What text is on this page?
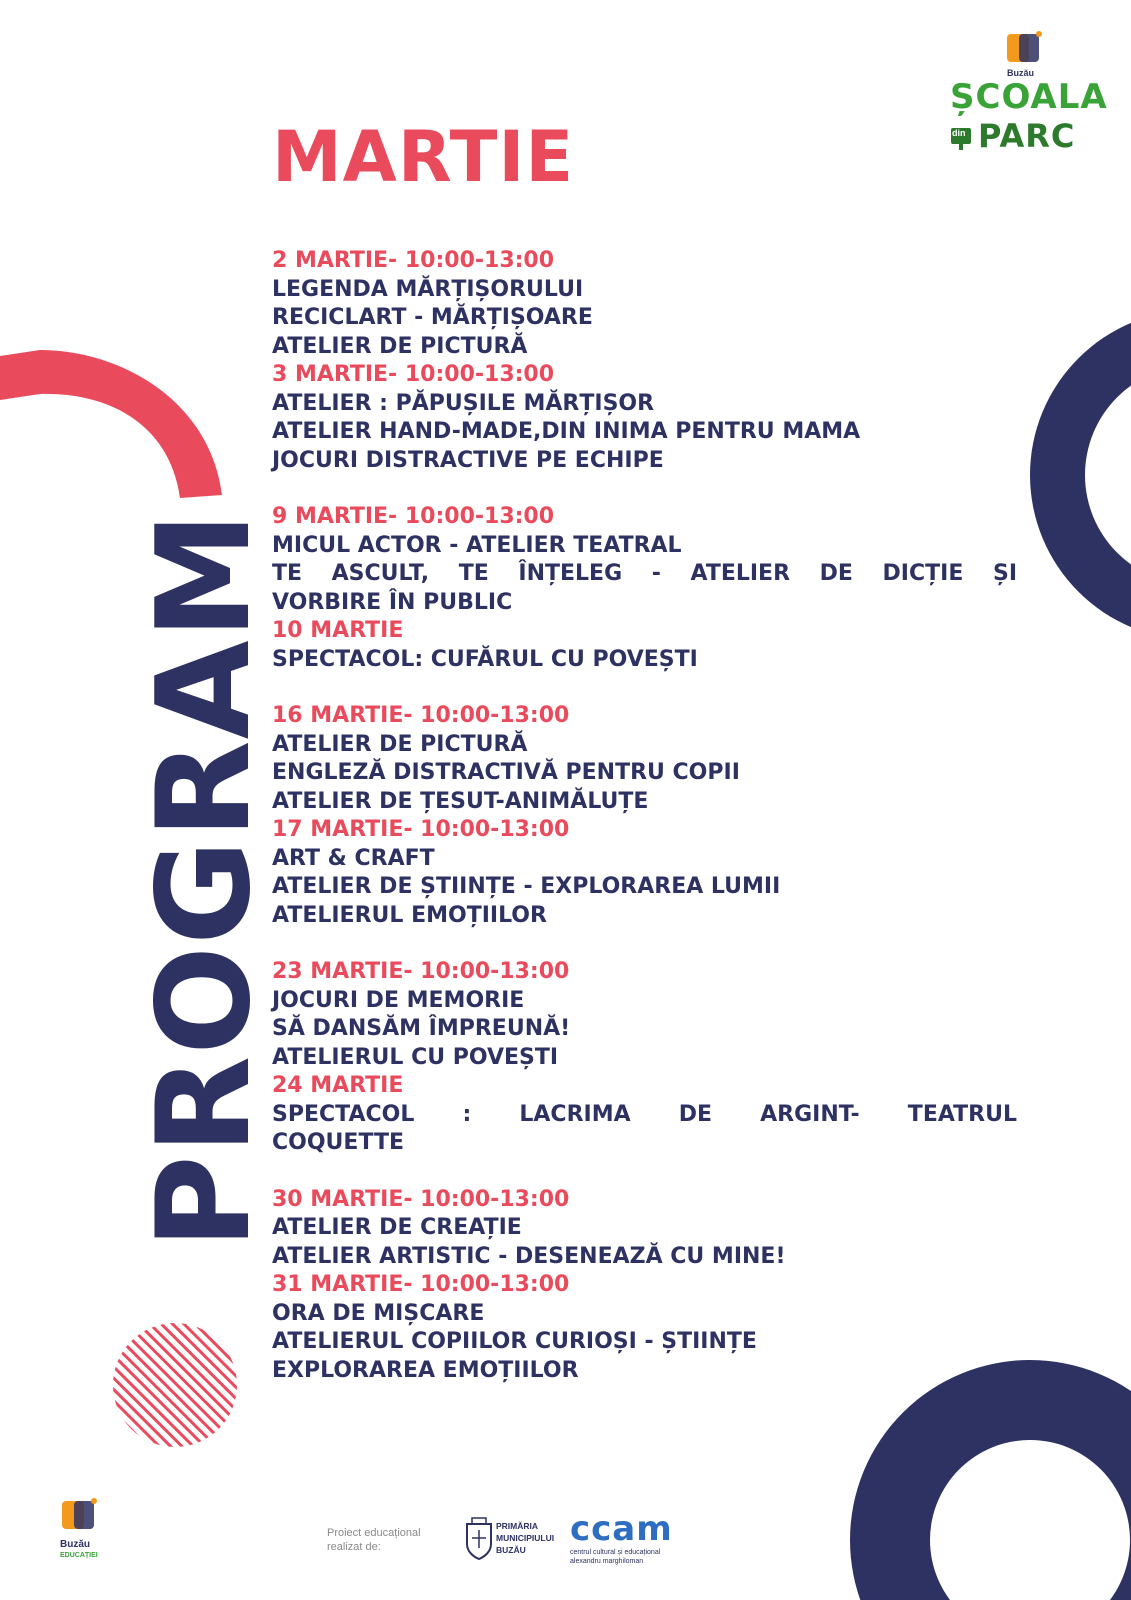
PROGRAM
Buzău
ȘCOALA
din PARC
MARTIE
2 MARTIE- 10:00-13:00
LEGENDA MĂRȚIȘORULUI
RECICLART - MĂRȚIȘOARE
ATELIER DE PICTURĂ
3 MARTIE- 10:00-13:00
ATELIER : PĂPUȘILE MĂRȚIȘOR
ATELIER HAND-MADE,DIN INIMA PENTRU MAMA
JOCURI DISTRACTIVE PE ECHIPE
9 MARTIE- 10:00-13:00
MICUL ACTOR - ATELIER TEATRAL
TE ASCULT, TE ÎNȚELEG - ATELIER DE DICȚIE ȘI
VORBIRE ÎN PUBLIC
10 MARTIE
SPECTACOL: CUFĂRUL CU POVEȘTI
16 MARTIE- 10:00-13:00
ATELIER DE PICTURĂ
ENGLEZĂ DISTRACTIVĂ PENTRU COPII
ATELIER DE ȚESUT-ANIMĂLUȚE
17 MARTIE- 10:00-13:00
ART & CRAFT
ATELIER DE ȘTIINȚE - EXPLORAREA LUMII
ATELIERUL EMOȚIILOR
23 MARTIE- 10:00-13:00
JOCURI DE MEMORIE
SĂ DANSĂM ÎMPREUNĂ!
ATELIERUL CU POVEȘTI
24 MARTIE
SPECTACOL : LACRIMA DE ARGINT- TEATRUL
COQUETTE
30 MARTIE- 10:00-13:00
ATELIER DE CREAȚIE
ATELIER ARTISTIC - DESENEAZĂ CU MINE!
31 MARTIE- 10:00-13:00
ORA DE MIȘCARE
ATELIERUL COPIILOR CURIOȘI - ȘTIINȚE
EXPLORAREA EMOȚIILOR
Buzău
EDUCAȚIEI
Proiect educațional
realizat de:
PRIMĂRIA
MUNICIPIULUI
BUZĂU
ccam
centrul cultural și educațional
alexandru marghiloman
